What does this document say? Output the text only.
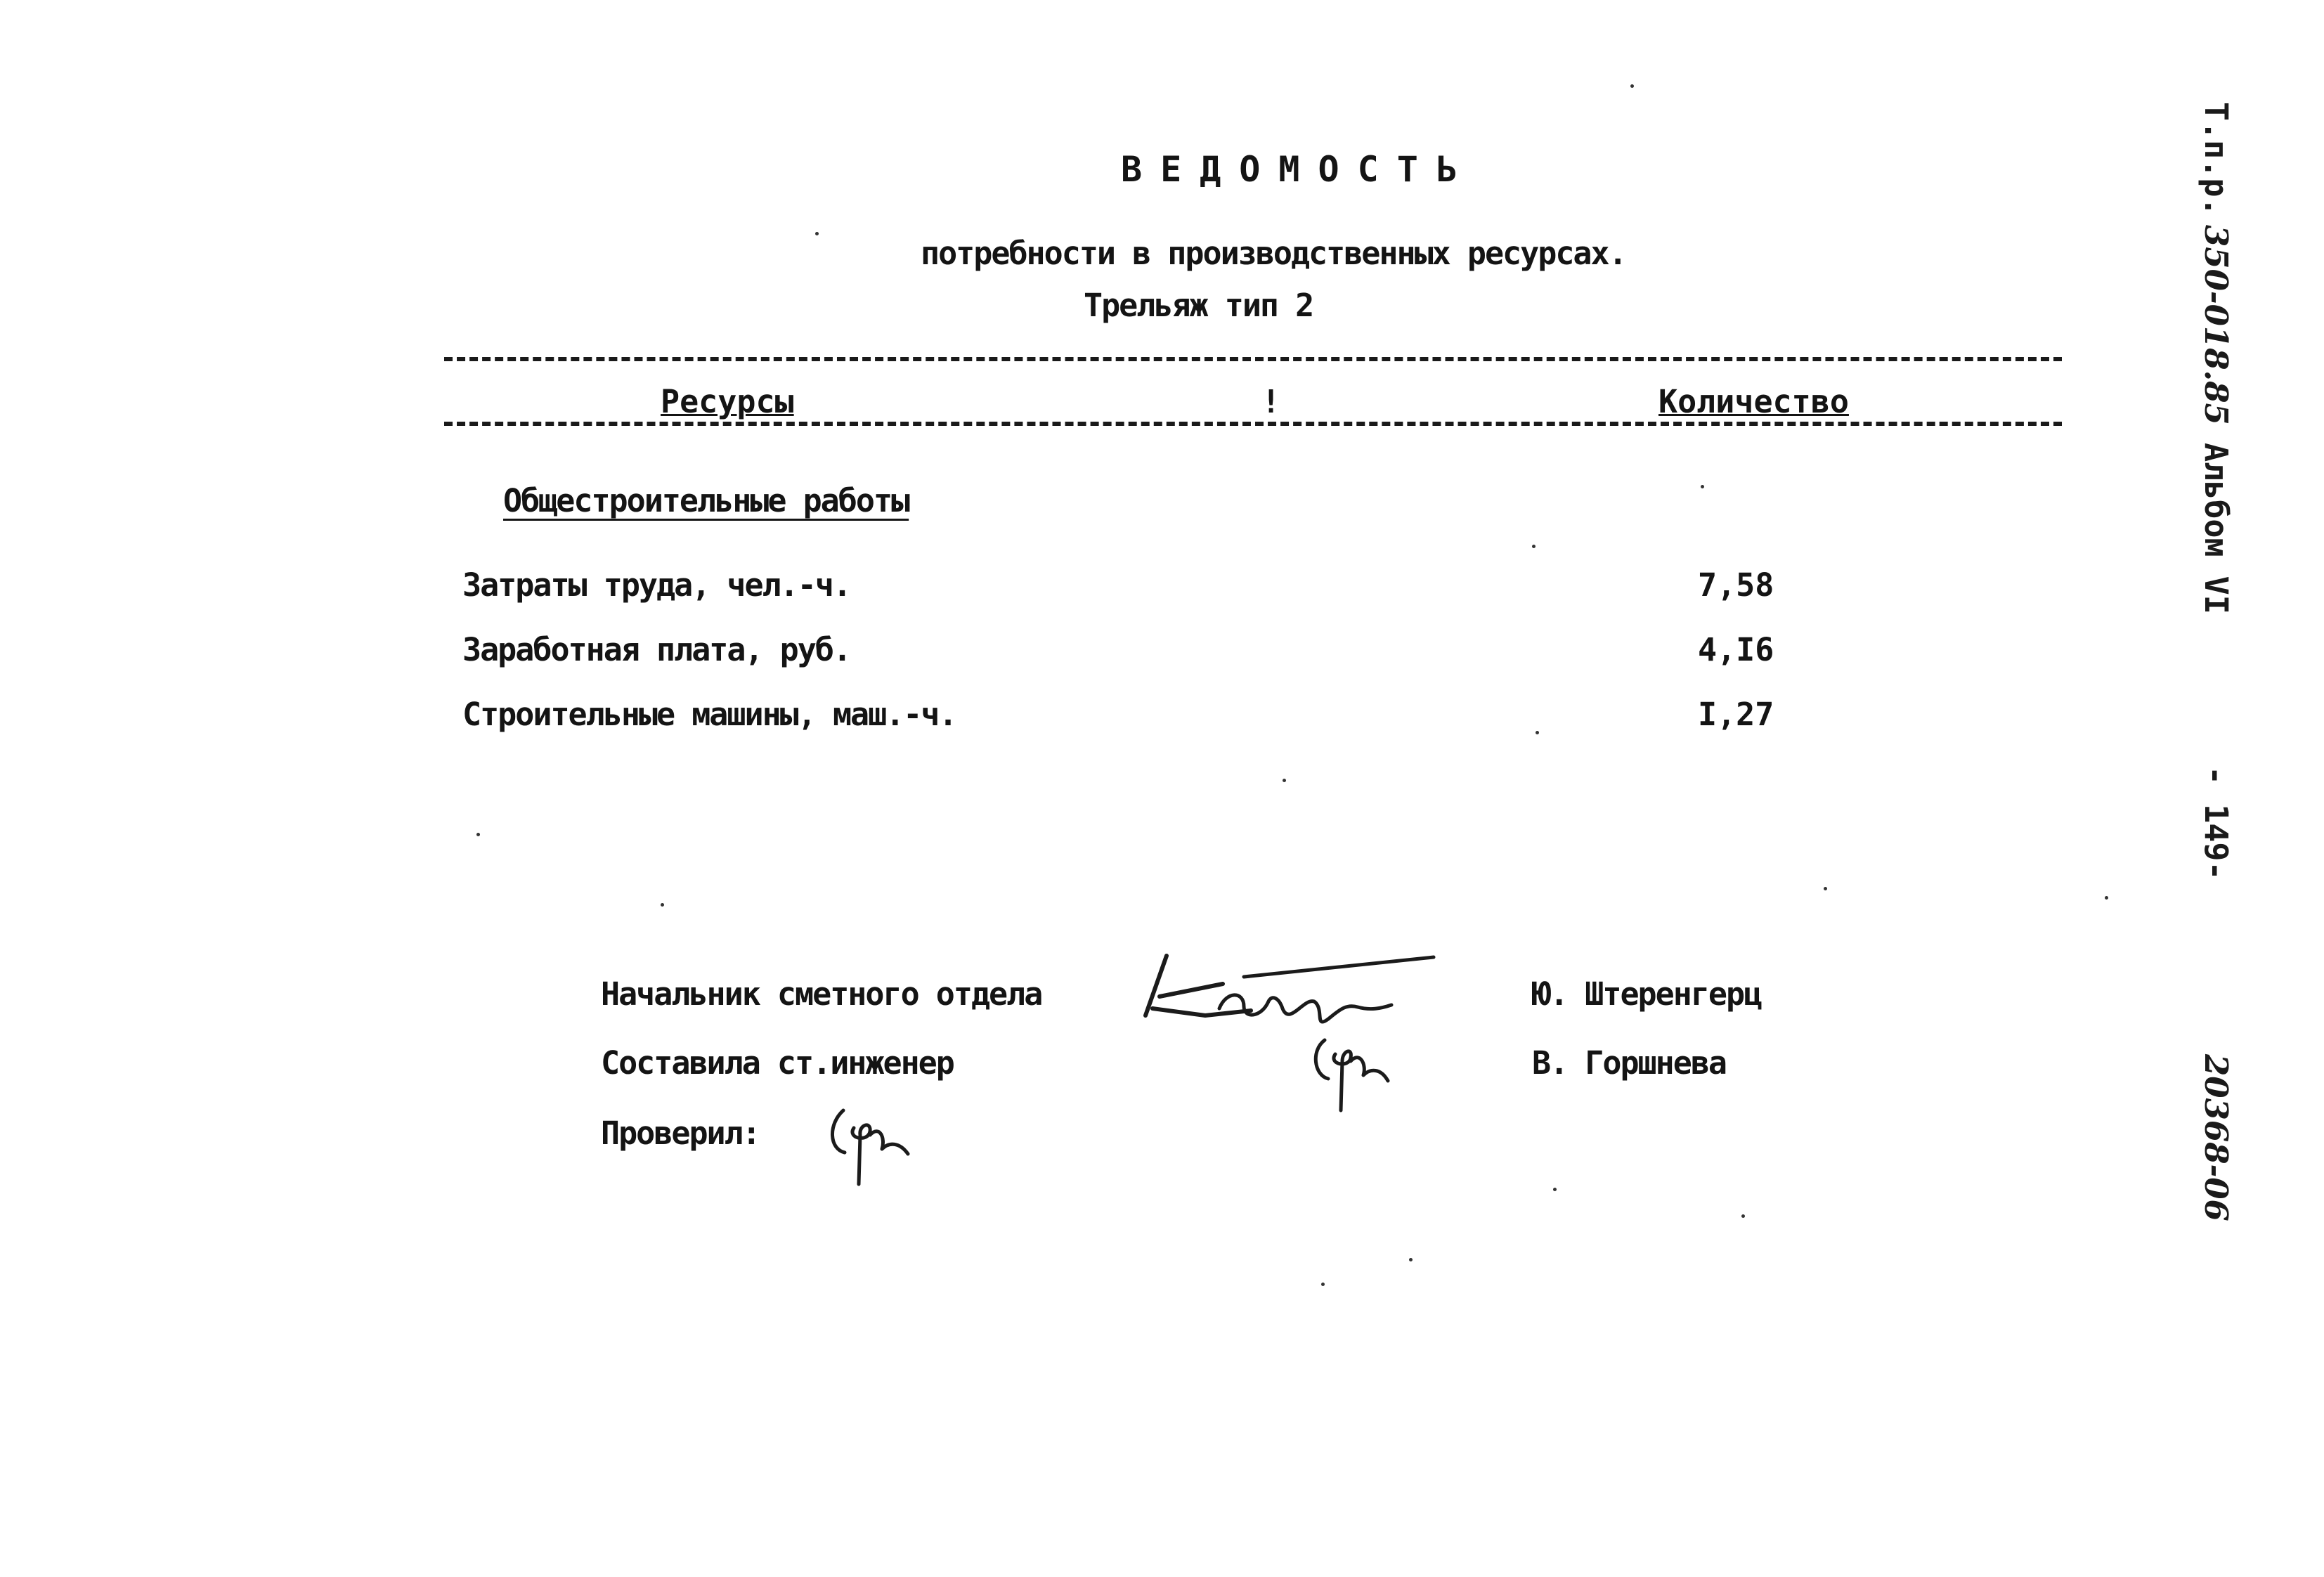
ВЕДОМОСТЬ
потребности в производственных ресурсах.
Трельяж тип 2
Ресурсы	!	Количество
Общестроительные работы
Затраты труда, чел.-ч.	7,58
Заработная плата, руб.	4,I6
Строительные машины, маш.-ч.	I,27
Начальник сметного отдела	Ю. Штеренгерц
Составила ст.инженер	В. Горшнева
Проверил:
Т.п.р.
350-018.85
Альбом VI
- 149-
20368-06
